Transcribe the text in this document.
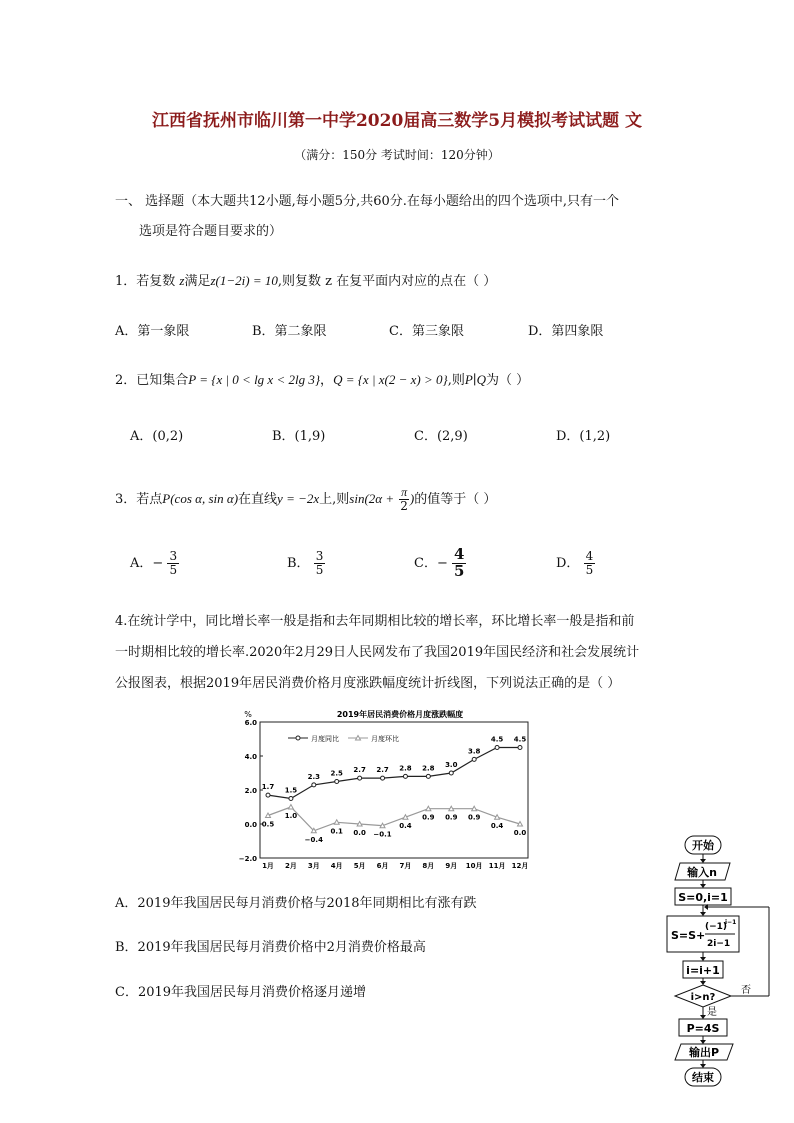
江西省抚州市临川第一中学2020届高三数学5月模拟考试试题 文
（满分：150分 考试时间：120分钟）
一、 选择题（本大题共12小题,每小题5分,共60分.在每小题给出的四个选项中,只有一个
选项是符合题目要求的）
1．若复数 z满足z(1−2i) = 10,则复数 z 在复平面内对应的点在（ ）
A．第一象限	B．第二象限	C．第三象限	D．第四象限
2．已知集合P = {x | 0 < lg x < 2lg 3}，Q = {x | x(2 − x) > 0},则P∣Q为（ ）
A．(0,2)	B．(1,9)	C．(2,9)	D．(1,2)
3．若点P(cos α, sin α)在直线y = −2x上,则$\sin(2\alpha + \frac{\pi}{2}$ )的值等于（ ）
A．− $\frac{3}{5}$	B． $\frac{3}{5}$	C．− $\frac{4}{5}$	D． $\frac{4}{5}$
4.在统计学中，同比增长率一般是指和去年同期相比较的增长率，环比增长率一般是指和前
一时期相比较的增长率.2020年2月29日人民网发布了我国2019年国民经济和社会发展统计
公报图表，根据2019年居民消费价格月度涨跌幅度统计折线图，下列说法正确的是（ ）
2019年居民消费价格月度涨跌幅度
%
月度同比	月度环比
6.0
4.0
2.0
0.0
−2.0
1月 2月 3月 4月 5月 6月 7月 8月 9月 10月 11月 12月
1.7 1.5
2.3 2.5 2.7 2.7 2.8 2.8 3.0
3.8
4.5 4.5
0.5
1.0
−0.4
0.1 0.0 −0.1
0.4
0.9 0.9 0.9
0.4
0.0
A．2019年我国居民每月消费价格与2018年同期相比有涨有跌
B．2019年我国居民每月消费价格中2月消费价格最高
C．2019年我国居民每月消费价格逐月递增
开始
输入n
S=0,i=1
S=S+
(−1)
i−1
2i−1
i=i+1
i>n?
否
是
P=4S
输出P
结束
